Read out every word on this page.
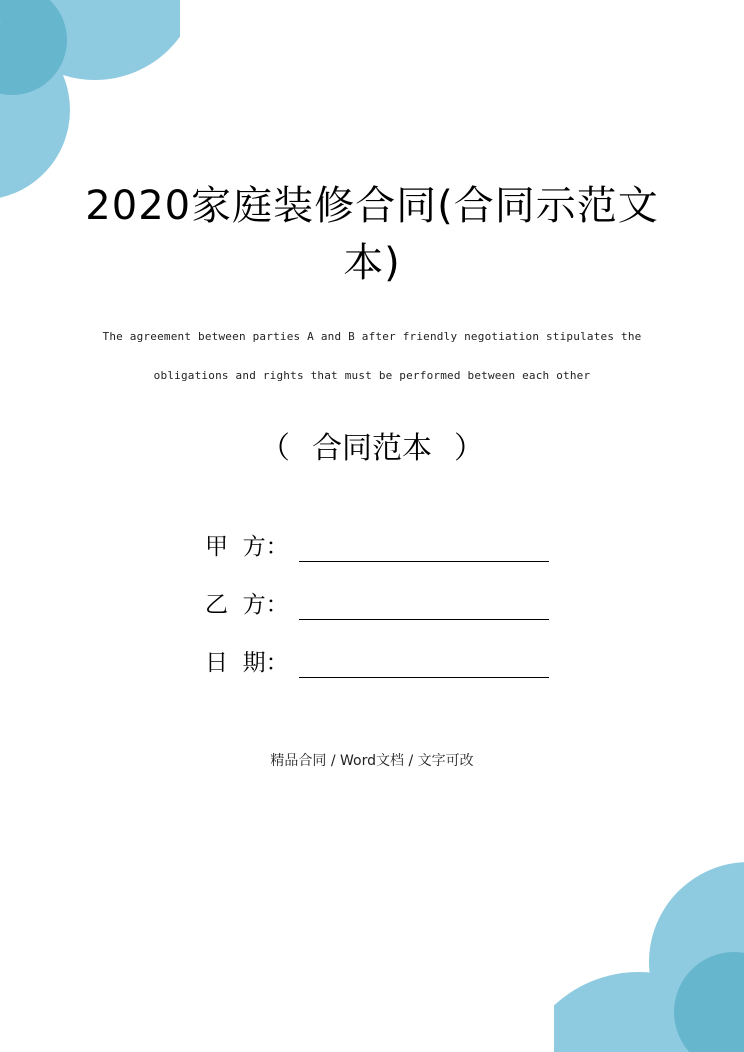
2020家庭装修合同(合同示范文
本)

The agreement between parties A and B after friendly negotiation stipulates the

obligations and rights that must be performed between each other

（ 合同范本 ）
甲  方：
乙  方：
日  期：

精品合同 / Word文档 / 文字可改
